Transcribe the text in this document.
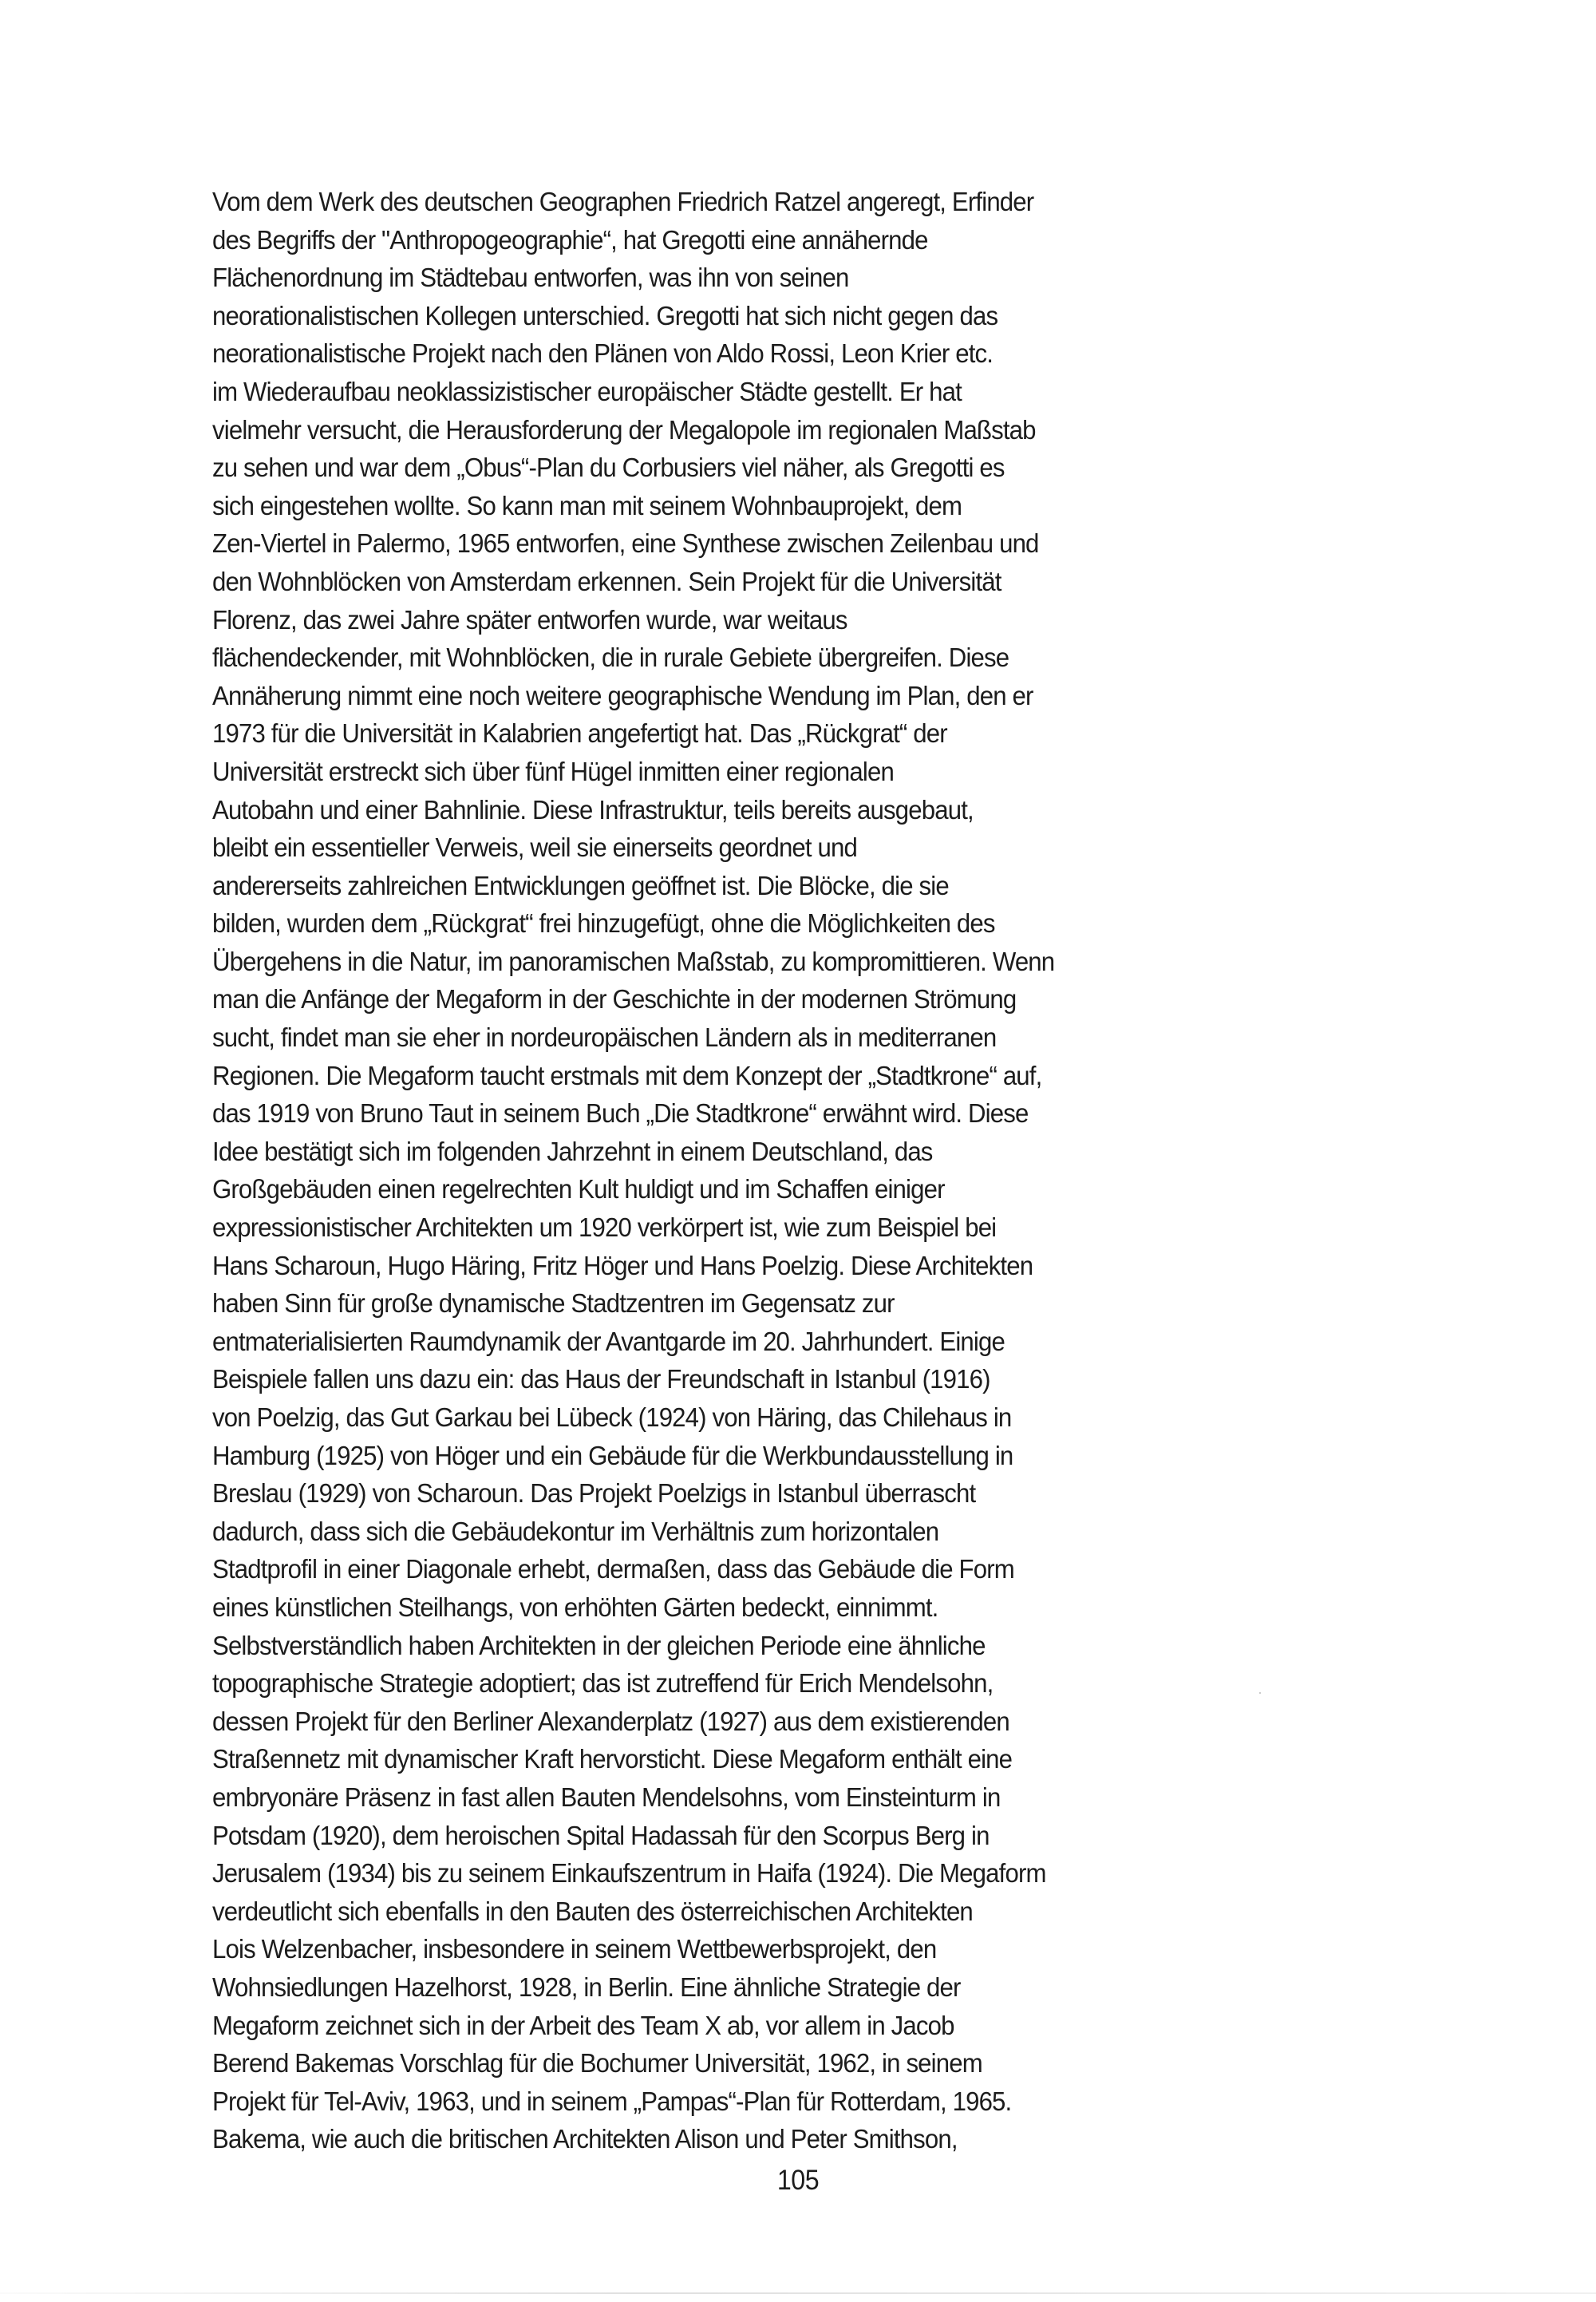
Vom dem Werk des deutschen Geographen Friedrich Ratzel angeregt, Erfinder
des Begriffs der "Anthropogeographie“, hat Gregotti eine annähernde
Flächenordnung im Städtebau entworfen, was ihn von seinen
neorationalistischen Kollegen unterschied. Gregotti hat sich nicht gegen das
neorationalistische Projekt nach den Plänen von Aldo Rossi, Leon Krier etc.
im Wiederaufbau neoklassizistischer europäischer Städte gestellt. Er hat
vielmehr versucht, die Herausforderung der Megalopole im regionalen Maßstab
zu sehen und war dem „Obus“-Plan du Corbusiers viel näher, als Gregotti es
sich eingestehen wollte. So kann man mit seinem Wohnbauprojekt, dem
Zen-Viertel in Palermo, 1965 entworfen, eine Synthese zwischen Zeilenbau und
den Wohnblöcken von Amsterdam erkennen. Sein Projekt für die Universität
Florenz, das zwei Jahre später entworfen wurde, war weitaus
flächendeckender, mit Wohnblöcken, die in rurale Gebiete übergreifen. Diese
Annäherung nimmt eine noch weitere geographische Wendung im Plan, den er
1973 für die Universität in Kalabrien angefertigt hat. Das „Rückgrat“ der
Universität erstreckt sich über fünf Hügel inmitten einer regionalen
Autobahn und einer Bahnlinie. Diese Infrastruktur, teils bereits ausgebaut,
bleibt ein essentieller Verweis, weil sie einerseits geordnet und
andererseits zahlreichen Entwicklungen geöffnet ist. Die Blöcke, die sie
bilden, wurden dem „Rückgrat“ frei hinzugefügt, ohne die Möglichkeiten des
Übergehens in die Natur, im panoramischen Maßstab, zu kompromittieren. Wenn
man die Anfänge der Megaform in der Geschichte in der modernen Strömung
sucht, findet man sie eher in nordeuropäischen Ländern als in mediterranen
Regionen. Die Megaform taucht erstmals mit dem Konzept der „Stadtkrone“ auf,
das 1919 von Bruno Taut in seinem Buch „Die Stadtkrone“ erwähnt wird. Diese
Idee bestätigt sich im folgenden Jahrzehnt in einem Deutschland, das
Großgebäuden einen regelrechten Kult huldigt und im Schaffen einiger
expressionistischer Architekten um 1920 verkörpert ist, wie zum Beispiel bei
Hans Scharoun, Hugo Häring, Fritz Höger und Hans Poelzig. Diese Architekten
haben Sinn für große dynamische Stadtzentren im Gegensatz zur
entmaterialisierten Raumdynamik der Avantgarde im 20. Jahrhundert. Einige
Beispiele fallen uns dazu ein: das Haus der Freundschaft in Istanbul (1916)
von Poelzig, das Gut Garkau bei Lübeck (1924) von Häring, das Chilehaus in
Hamburg (1925) von Höger und ein Gebäude für die Werkbundausstellung in
Breslau (1929) von Scharoun. Das Projekt Poelzigs in Istanbul überrascht
dadurch, dass sich die Gebäudekontur im Verhältnis zum horizontalen
Stadtprofil in einer Diagonale erhebt, dermaßen, dass das Gebäude die Form
eines künstlichen Steilhangs, von erhöhten Gärten bedeckt, einnimmt.
Selbstverständlich haben Architekten in der gleichen Periode eine ähnliche
topographische Strategie adoptiert; das ist zutreffend für Erich Mendelsohn,
dessen Projekt für den Berliner Alexanderplatz (1927) aus dem existierenden
Straßennetz mit dynamischer Kraft hervorsticht. Diese Megaform enthält eine
embryonäre Präsenz in fast allen Bauten Mendelsohns, vom Einsteinturm in
Potsdam (1920), dem heroischen Spital Hadassah für den Scorpus Berg in
Jerusalem (1934) bis zu seinem Einkaufszentrum in Haifa (1924). Die Megaform
verdeutlicht sich ebenfalls in den Bauten des österreichischen Architekten
Lois Welzenbacher, insbesondere in seinem Wettbewerbsprojekt, den
Wohnsiedlungen Hazelhorst, 1928, in Berlin. Eine ähnliche Strategie der
Megaform zeichnet sich in der Arbeit des Team X ab, vor allem in Jacob
Berend Bakemas Vorschlag für die Bochumer Universität, 1962, in seinem
Projekt für Tel-Aviv, 1963, und in seinem „Pampas“-Plan für Rotterdam, 1965.
Bakema, wie auch die britischen Architekten Alison und Peter Smithson,
105
